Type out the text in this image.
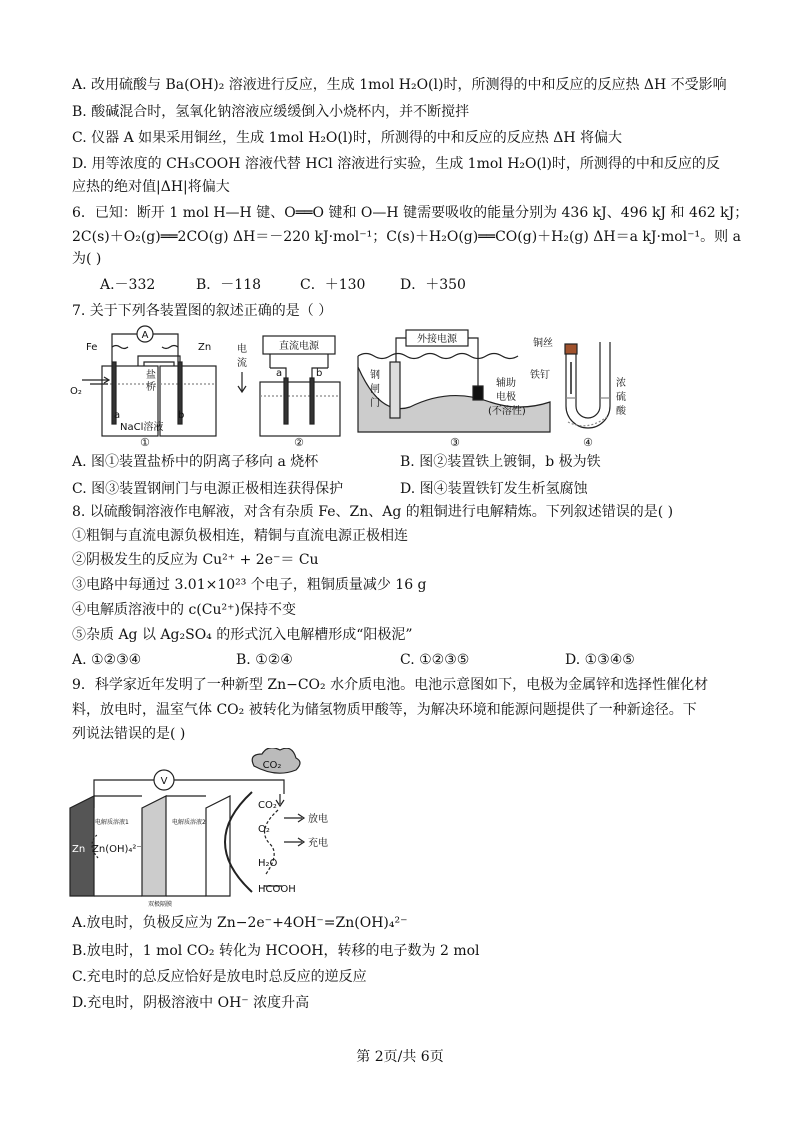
A. 改用硫酸与 Ba(OH)₂ 溶液进行反应，生成 1mol H₂O(l)时，所测得的中和反应的反应热 ΔH 不受影响
B. 酸碱混合时，氢氧化钠溶液应缓缓倒入小烧杯内，并不断搅拌
C. 仪器 A 如果采用铜丝，生成 1mol H₂O(l)时，所测得的中和反应的反应热 ΔH 将偏大
D. 用等浓度的 CH₃COOH 溶液代替 HCl 溶液进行实验，生成 1mol H₂O(l)时，所测得的中和反应的反
应热的绝对值|ΔH|将偏大
6．已知：断开 1 mol H—H 键、O══O 键和 O—H 键需要吸收的能量分别为 436 kJ、496 kJ 和 462 kJ；
2C(s)＋O₂(g)══2CO(g) ΔH＝－220 kJ·mol⁻¹；C(s)＋H₂O(g)══CO(g)＋H₂(g) ΔH＝a kJ·mol⁻¹。则 a
为( )
A.－332	B．－118	C．＋130 D．＋350
7. 关于下列各装置图的叙述正确的是（ ）
A
Fe	Zn
O₂
盐
桥
a	b
NaCl溶液
①
电
流
直流电源
a	b
②
外接电源
钢
闸
门
辅助
电极
(不溶性)
③
铜丝
铁钉
浓
硫
酸
④
A. 图①装置盐桥中的阴离子移向 a 烧杯	B. 图②装置铁上镀铜，b 极为铁
C. 图③装置钢闸门与电源正极相连获得保护	D. 图④装置铁钉发生析氢腐蚀
8. 以硫酸铜溶液作电解液，对含有杂质 Fe、Zn、Ag 的粗铜进行电解精炼。下列叙述错误的是( )
①粗铜与直流电源负极相连，精铜与直流电源正极相连
②阴极发生的反应为 Cu²⁺ + 2e⁻＝ Cu
③电路中每通过 3.01×10²³ 个电子，粗铜质量减少 16 g
④电解质溶液中的 c(Cu²⁺)保持不变
⑤杂质 Ag 以 Ag₂SO₄ 的形式沉入电解槽形成“阳极泥”
A. ①②③④	B. ①②④	C. ①②③⑤	D. ①③④⑤
9．科学家近年发明了一种新型 Zn−CO₂ 水介质电池。电池示意图如下，电极为金属锌和选择性催化材
料，放电时，温室气体 CO₂ 被转化为储氢物质甲酸等，为解决环境和能源问题提供了一种新途径。下
列说法错误的是( )
V
电解质溶液1	电解质溶液2
Zn Zn(OH)₄²⁻
CO₂
CO₂
O₂
H₂O
HCOOH
放电
充电
双极隔膜
A.放电时，负极反应为 Zn−2e⁻+4OH⁻=Zn(OH)₄²⁻
B.放电时，1 mol CO₂ 转化为 HCOOH，转移的电子数为 2 mol
C.充电时的总反应恰好是放电时总反应的逆反应
D.充电时，阴极溶液中 OH⁻ 浓度升高
第 2页/共 6页
